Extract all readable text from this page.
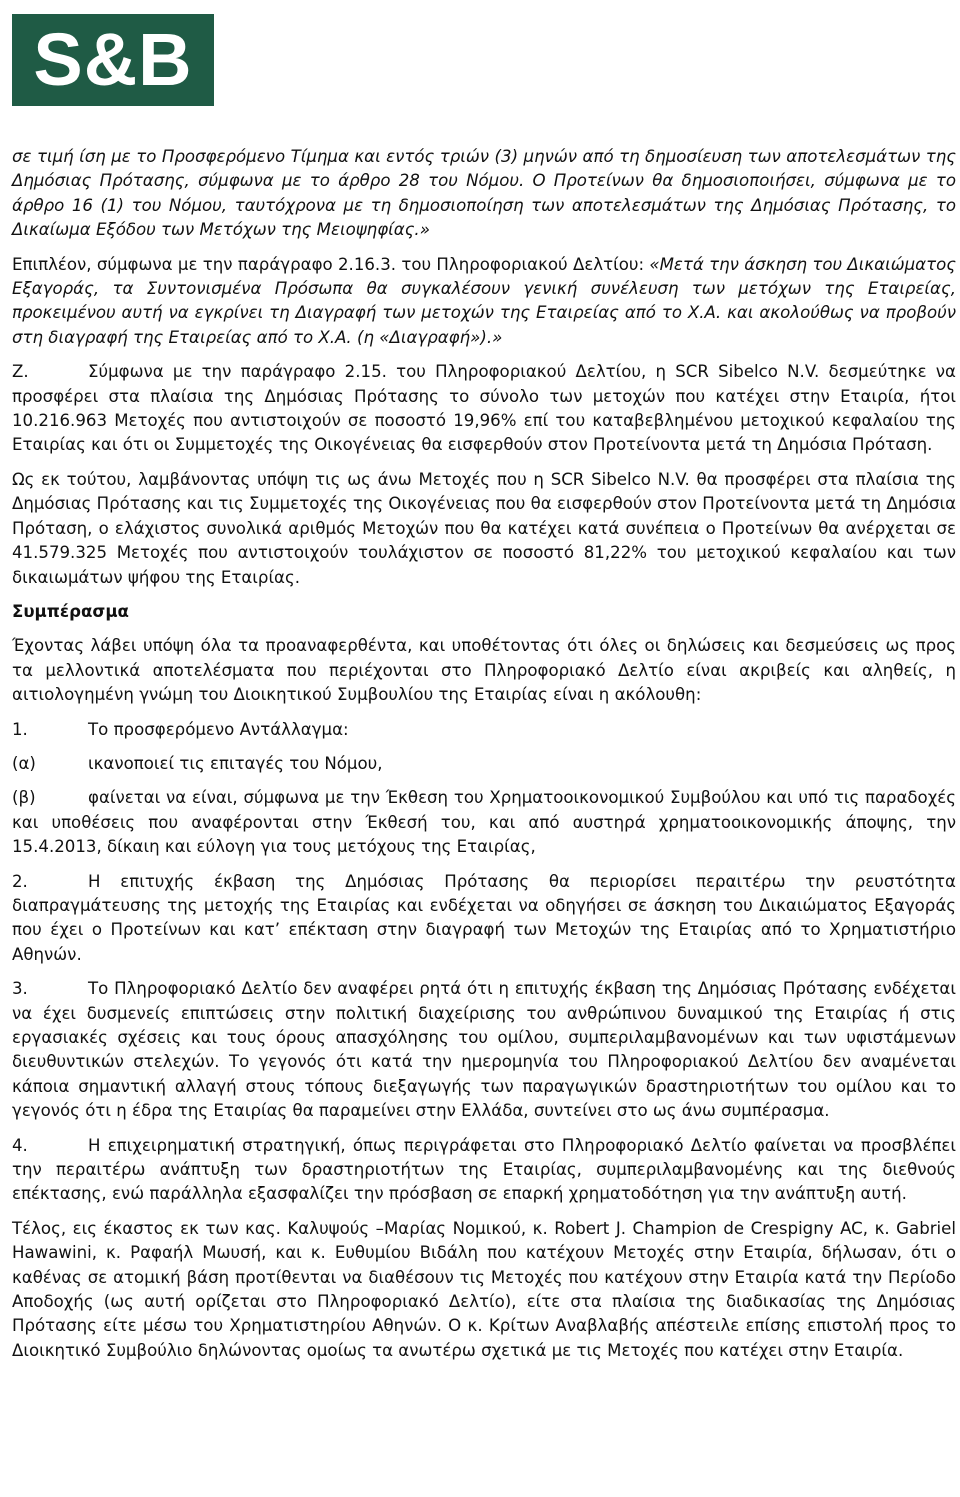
S&B

σε τιμή ίση με το Προσφερόμενο Τίμημα και εντός τριών (3) μηνών από τη δημοσίευση των αποτελεσμάτων της Δημόσιας Πρότασης, σύμφωνα με το άρθρο 28 του Νόμου. Ο Προτείνων θα δημοσιοποιήσει, σύμφωνα με το άρθρο 16 (1) του Νόμου, ταυτόχρονα με τη δημοσιοποίηση των αποτελεσμάτων της Δημόσιας Πρότασης, το Δικαίωμα Εξόδου των Μετόχων της Μειοψηφίας.»

Επιπλέον, σύμφωνα με την παράγραφο 2.16.3. του Πληροφοριακού Δελτίου: «Μετά την άσκηση του Δικαιώματος Εξαγοράς, τα Συντονισμένα Πρόσωπα θα συγκαλέσουν γενική συνέλευση των μετόχων της Εταιρείας, προκειμένου αυτή να εγκρίνει τη Διαγραφή των μετοχών της Εταιρείας από το Χ.Α. και ακολούθως να προβούν στη διαγραφή της Εταιρείας από το Χ.Α. (η «Διαγραφή»).»

Ζ.	Σύμφωνα με την παράγραφο 2.15. του Πληροφοριακού Δελτίου, η SCR Sibelco N.V. δεσμεύτηκε να προσφέρει στα πλαίσια της Δημόσιας Πρότασης το σύνολο των μετοχών που κατέχει στην Εταιρία, ήτοι 10.216.963 Μετοχές που αντιστοιχούν σε ποσοστό 19,96% επί του καταβεβλημένου μετοχικού κεφαλαίου της Εταιρίας και ότι οι Συμμετοχές της Οικογένειας θα εισφερθούν στον Προτείνοντα μετά τη Δημόσια Πρόταση.

Ως εκ τούτου, λαμβάνοντας υπόψη τις ως άνω Μετοχές που η SCR Sibelco N.V. θα προσφέρει στα πλαίσια της Δημόσιας Πρότασης και τις Συμμετοχές της Οικογένειας που θα εισφερθούν στον Προτείνοντα μετά τη Δημόσια Πρόταση, ο ελάχιστος συνολικά αριθμός Μετοχών που θα κατέχει κατά συνέπεια ο Προτείνων θα ανέρχεται σε 41.579.325 Μετοχές που αντιστοιχούν τουλάχιστον σε ποσοστό 81,22% του μετοχικού κεφαλαίου και των δικαιωμάτων ψήφου της Εταιρίας.

Συμπέρασμα

Έχοντας λάβει υπόψη όλα τα προαναφερθέντα, και υποθέτοντας ότι όλες οι δηλώσεις και δεσμεύσεις ως προς τα μελλοντικά αποτελέσματα που περιέχονται στο Πληροφοριακό Δελτίο είναι ακριβείς και αληθείς, η αιτιολογημένη γνώμη του Διοικητικού Συμβουλίου της Εταιρίας είναι η ακόλουθη:

1.	Το προσφερόμενο Αντάλλαγμα:
(α)	ικανοποιεί τις επιταγές του Νόμου,
(β)	φαίνεται να είναι, σύμφωνα με την Έκθεση του Χρηματοοικονομικού Συμβούλου και υπό τις παραδοχές και υποθέσεις που αναφέρονται στην Έκθεσή του, και από αυστηρά χρηματοοικονομικής άποψης, την 15.4.2013, δίκαιη και εύλογη για τους μετόχους της Εταιρίας,
2.	Η επιτυχής έκβαση της Δημόσιας Πρότασης θα περιορίσει περαιτέρω την ρευστότητα διαπραγμάτευσης της μετοχής της Εταιρίας και ενδέχεται να οδηγήσει σε άσκηση του Δικαιώματος Εξαγοράς που έχει ο Προτείνων και κατ’ επέκταση στην διαγραφή των Μετοχών της Εταιρίας από το Χρηματιστήριο Αθηνών.
3.	Το Πληροφοριακό Δελτίο δεν αναφέρει ρητά ότι η επιτυχής έκβαση της Δημόσιας Πρότασης ενδέχεται να έχει δυσμενείς επιπτώσεις στην πολιτική διαχείρισης του ανθρώπινου δυναμικού της Εταιρίας ή στις εργασιακές σχέσεις και τους όρους απασχόλησης του ομίλου, συμπεριλαμβανομένων και των υφιστάμενων διευθυντικών στελεχών. Το γεγονός ότι κατά την ημερομηνία του Πληροφοριακού Δελτίου δεν αναμένεται κάποια σημαντική αλλαγή στους τόπους διεξαγωγής των παραγωγικών δραστηριοτήτων του ομίλου και το γεγονός ότι η έδρα της Εταιρίας θα παραμείνει στην Ελλάδα, συντείνει στο ως άνω συμπέρασμα.
4.	Η επιχειρηματική στρατηγική, όπως περιγράφεται στο Πληροφοριακό Δελτίο φαίνεται να προσβλέπει την περαιτέρω ανάπτυξη των δραστηριοτήτων της Εταιρίας, συμπεριλαμβανομένης και της διεθνούς επέκτασης, ενώ παράλληλα εξασφαλίζει την πρόσβαση σε επαρκή χρηματοδότηση για την ανάπτυξη αυτή.

Τέλος, εις έκαστος εκ των κας. Καλυψούς –Μαρίας Νομικού, κ. Robert J. Champion de Crespigny AC, κ. Gabriel Hawawini, κ. Ραφαήλ Μωυσή, και κ. Ευθυμίου Βιδάλη που κατέχουν Μετοχές στην Εταιρία, δήλωσαν, ότι ο καθένας σε ατομική βάση προτίθενται να διαθέσουν τις Μετοχές που κατέχουν στην Εταιρία κατά την Περίοδο Αποδοχής (ως αυτή ορίζεται στο Πληροφοριακό Δελτίο), είτε στα πλαίσια της διαδικασίας της Δημόσιας Πρότασης είτε μέσω του Χρηματιστηρίου Αθηνών. Ο κ. Κρίτων Αναβλαβής απέστειλε επίσης επιστολή προς το Διοικητικό Συμβούλιο δηλώνοντας ομοίως τα ανωτέρω σχετικά με τις Μετοχές που κατέχει στην Εταιρία.
